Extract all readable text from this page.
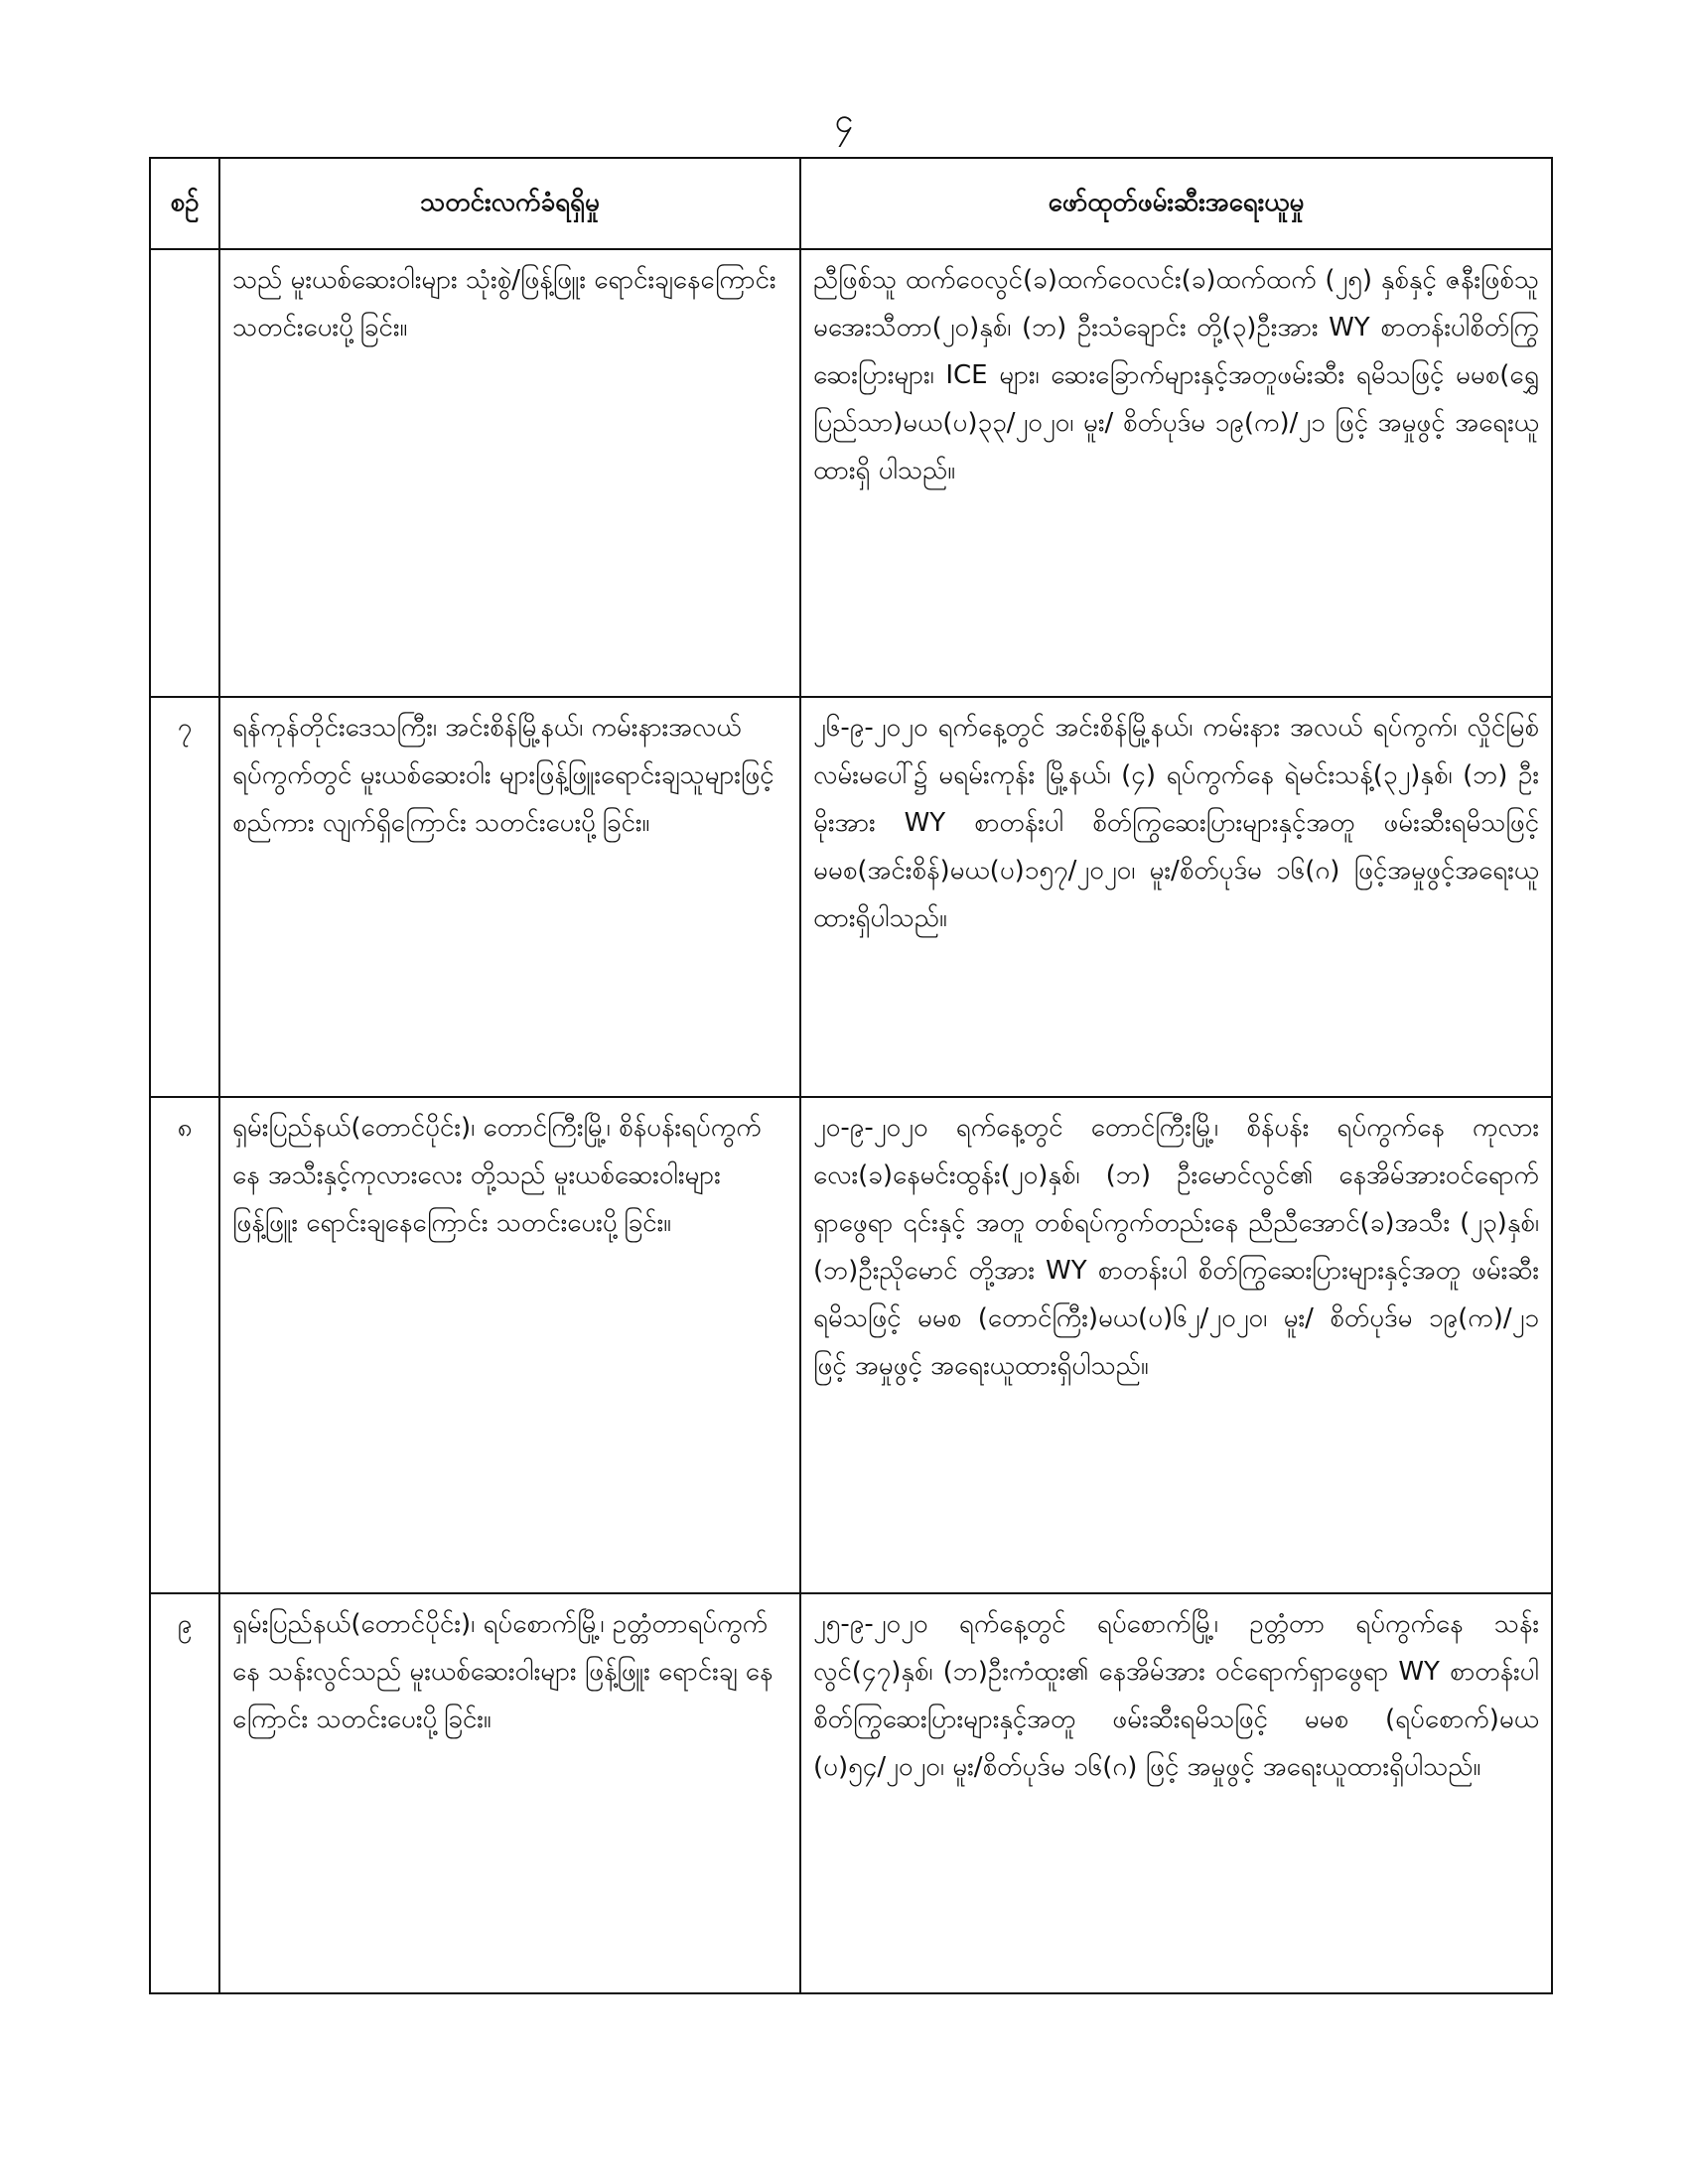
၄
စဉ်	သတင်းလက်ခံရရှိမှု	ဖော်ထုတ်ဖမ်းဆီးအရေးယူမှု
	သည် မူးယစ်ဆေးဝါးများ သုံးစွဲ/ဖြန့်ဖြူး ရောင်းချနေကြောင်း သတင်းပေးပို့ခြင်း။	ညီဖြစ်သူ ထက်ဝေလွင်(ခ)ထက်ဝေလင်း(ခ)ထက်ထက် (၂၅) နှစ်နှင့် ဇနီးဖြစ်သူ မအေးသီတာ(၂၀)နှစ်၊ (ဘ) ဦးသံချောင်း တို့(၃)ဦးအား WY စာတန်းပါစိတ်ကြွ ဆေးပြားများ၊ ICE များ၊ ဆေးခြောက်များနှင့်အတူဖမ်းဆီး ရမိသဖြင့် မမစ(ရွှေပြည်သာ)မယ(ပ)၃၃/၂၀၂၀၊ မူး/ စိတ်ပုဒ်မ ၁၉(က)/၂၁ ဖြင့် အမှုဖွင့် အရေးယူထားရှိ ပါသည်။
၇	ရန်ကုန်တိုင်းဒေသကြီး၊ အင်းစိန်မြို့နယ်၊ ကမ်းနားအလယ်ရပ်ကွက်တွင် မူးယစ်ဆေးဝါး များဖြန့်ဖြူးရောင်းချသူများဖြင့် စည်ကား လျက်ရှိကြောင်း သတင်းပေးပို့ခြင်း။	၂၆-၉-၂၀၂၀ ရက်နေ့တွင် အင်းစိန်မြို့နယ်၊ ကမ်းနား အလယ် ရပ်ကွက်၊ လှိုင်မြစ်လမ်းမပေါ်၌ မရမ်းကုန်း မြို့နယ်၊ (၄) ရပ်ကွက်နေ ရဲမင်းသန့်(၃၂)နှစ်၊ (ဘ) ဦးမိုးအား WY စာတန်းပါ စိတ်ကြွဆေးပြားများနှင့်အတူ ဖမ်းဆီးရမိသဖြင့် မမစ(အင်းစိန်)မယ(ပ)၁၅၇/၂၀၂၀၊ မူး/စိတ်ပုဒ်မ ၁၆(ဂ) ဖြင့်အမှုဖွင့်အရေးယူထားရှိပါသည်။
၈	ရှမ်းပြည်နယ်(တောင်ပိုင်း)၊ တောင်ကြီးမြို့၊ စိန်ပန်းရပ်ကွက်နေ အသီးနှင့်ကုလားလေး တို့သည် မူးယစ်ဆေးဝါးများ ဖြန့်ဖြူး ရောင်းချနေကြောင်း သတင်းပေးပို့ခြင်း။	၂၀-၉-၂၀၂၀ ရက်နေ့တွင် တောင်ကြီးမြို့၊ စိန်ပန်း ရပ်ကွက်နေ ကုလားလေး(ခ)နေမင်းထွန်း(၂၀)နှစ်၊ (ဘ) ဦးမောင်လွင်၏ နေအိမ်အားဝင်ရောက်ရှာဖွေရာ ၎င်းနှင့် အတူ တစ်ရပ်ကွက်တည်းနေ ညီညီအောင်(ခ)အသီး (၂၃)နှစ်၊ (ဘ)ဦးညိုမောင် တို့အား WY စာတန်းပါ စိတ်ကြွဆေးပြားများနှင့်အတူ ဖမ်းဆီးရမိသဖြင့် မမစ (တောင်ကြီး)မယ(ပ)၆၂/၂၀၂၀၊ မူး/ စိတ်ပုဒ်မ ၁၉(က)/၂၁ ဖြင့် အမှုဖွင့် အရေးယူထားရှိပါသည်။
၉	ရှမ်းပြည်နယ်(တောင်ပိုင်း)၊ ရပ်စောက်မြို့၊ ဥတ္တံတာရပ်ကွက်နေ သန်းလွင်သည် မူးယစ်ဆေးဝါးများ ဖြန့်ဖြူး ရောင်းချ နေကြောင်း သတင်းပေးပို့ခြင်း။	၂၅-၉-၂၀၂၀ ရက်နေ့တွင် ရပ်စောက်မြို့၊ ဥတ္တံတာ ရပ်ကွက်နေ သန်းလွင်(၄၇)နှစ်၊ (ဘ)ဦးကံထူး၏ နေအိမ်အား ဝင်ရောက်ရှာဖွေရာ WY စာတန်းပါ စိတ်ကြွဆေးပြားများနှင့်အတူ ဖမ်းဆီးရမိသဖြင့် မမစ (ရပ်စောက်)မယ (ပ)၅၄/၂၀၂၀၊ မူး/စိတ်ပုဒ်မ ၁၆(ဂ) ဖြင့် အမှုဖွင့် အရေးယူထားရှိပါသည်။
